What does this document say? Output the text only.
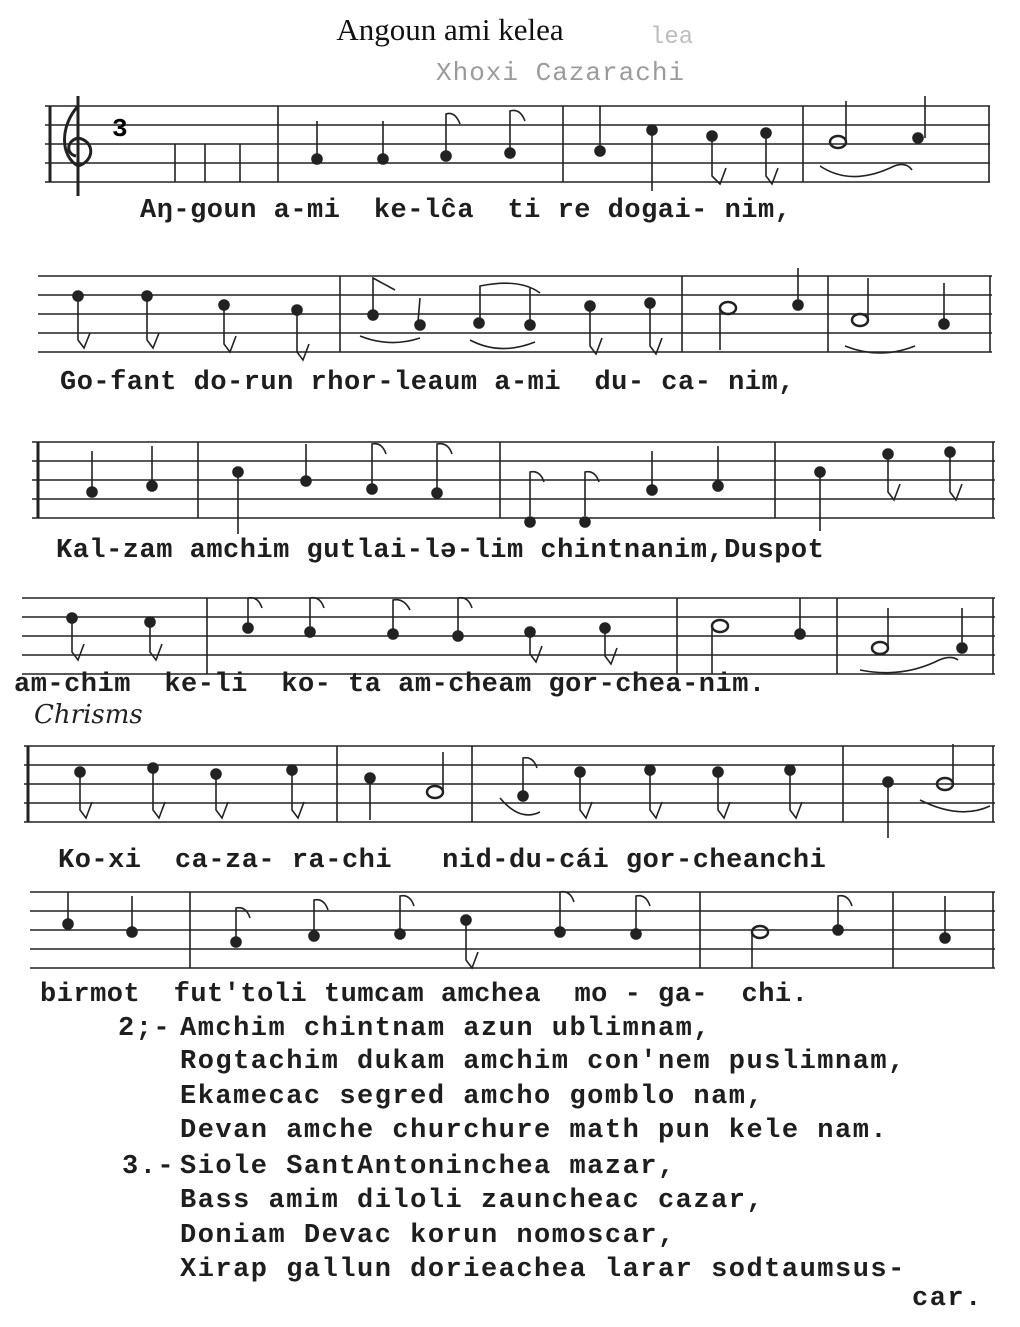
Angoun ami kelea	lea
Xhoxi Cazarachi
3
Aŋ-goun a-mi  ke-lĉa  ti re dogai- nim,
Go-fant do-run rhor-leaum a-mi  du- ca- nim,
Kal-zam amchim gutlai-lə-lim chintnanim,Duspot
am-chim  ke-li  ko- ta am-cheam gor-chea-nim.
Chrisms
Ko-xi  ca-za- ra-chi   nid-du-cái gor-cheanchi
birmot  fut'toli tumcam amchea  mo - ga-  chi.
2;- Amchim chintnam azun ublimnam,
Rogtachim dukam amchim con'nem puslimnam,
Ekamecac segred amcho gomblo nam,
Devan amche churchure math pun kele nam.
3.- Siole SantAntoninchea mazar,
Bass amim diloli zauncheac cazar,
Doniam Devac korun nomoscar,
Xirap gallun dorieachea larar sodtaumsus-
car.
